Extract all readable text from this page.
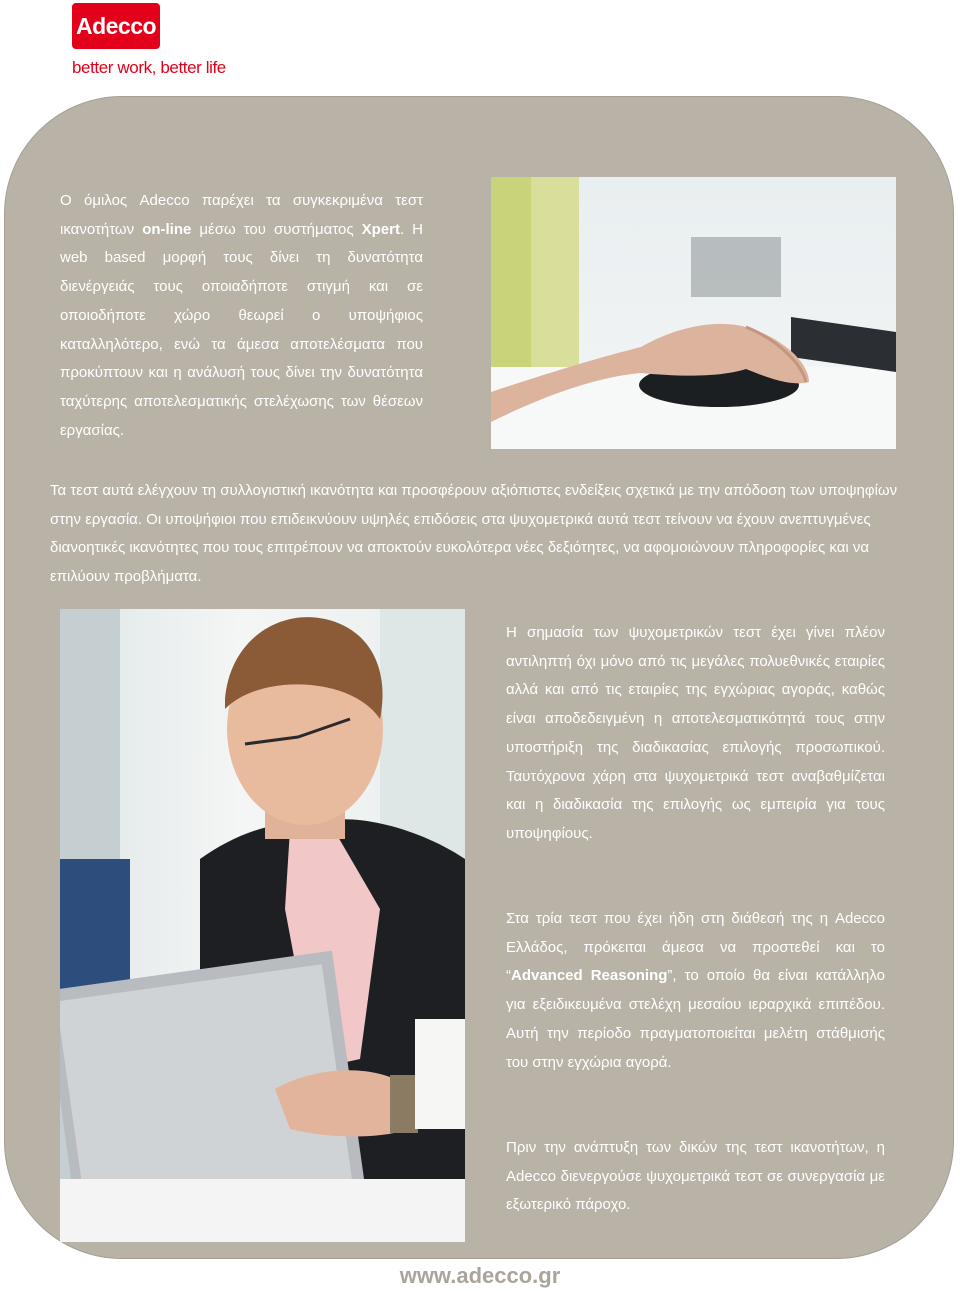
Adecco
better work, better life

Ο όμιλος Adecco παρέχει τα συγκεκριμένα τεστ ικανοτήτων on-line μέσω του συστήματος Xpert. H web based μορφή τους δίνει τη δυνατότητα διενέργειάς τους οποιαδήποτε στιγμή και σε οποιοδήποτε χώρο θεωρεί ο υποψήφιος καταλληλότερο, ενώ τα άμεσα αποτελέσματα που προκύπτουν και η ανάλυσή τους δίνει την δυνατότητα ταχύτερης αποτελεσματικής στελέχωσης των θέσεων εργασίας.

Τα τεστ αυτά ελέγχουν τη συλλογιστική ικανότητα και προσφέρουν αξιόπιστες ενδείξεις σχετικά με την απόδοση των υποψηφίων στην εργασία. Οι υποψήφιοι που επιδεικνύουν υψηλές επιδόσεις στα ψυχομετρικά αυτά τεστ τείνουν να έχουν ανεπτυγμένες διανοητικές ικανότητες που τους επιτρέπουν να αποκτούν ευκολότερα νέες δεξιότητες, να αφομοιώνουν πληροφορίες και να επιλύουν προβλήματα.

Η σημασία των ψυχομετρικών τεστ έχει γίνει πλέον αντιληπτή όχι μόνο από τις μεγάλες πολυεθνικές εταιρίες αλλά και από τις εταιρίες της εγχώριας αγοράς, καθώς είναι αποδεδειγμένη η αποτελεσματικότητά τους στην υποστήριξη της διαδικασίας επιλογής προσωπικού. Ταυτόχρονα χάρη στα ψυχομετρικά τεστ αναβαθμίζεται και η διαδικασία της επιλογής ως εμπειρία για τους υποψηφίους.

Στα τρία τεστ που έχει ήδη στη διάθεσή της η Adecco Ελλάδος, πρόκειται άμεσα να προστεθεί και το “Advanced Reasoning”, το οποίο θα είναι κατάλληλο για εξειδικευμένα στελέχη μεσαίου ιεραρχικά επιπέδου. Αυτή την περίοδο πραγματοποιείται μελέτη στάθμισής του στην εγχώρια αγορά.

Πριν την ανάπτυξη των δικών της τεστ ικανοτήτων, η Adecco διενεργούσε ψυχομετρικά τεστ σε συνεργασία με εξωτερικό πάροχο.

www.adecco.gr
